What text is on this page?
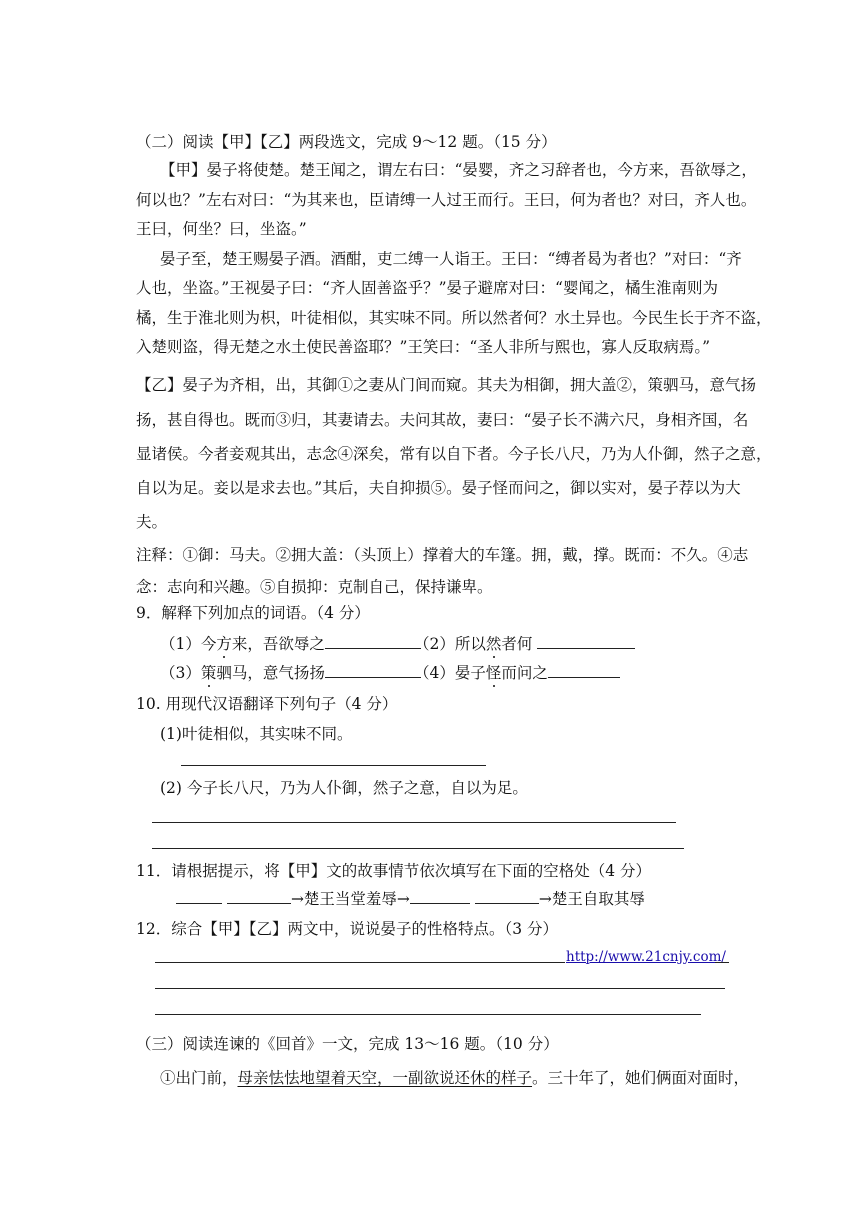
（二）阅读【甲】【乙】两段选文，完成 9～12 题。（15 分）
【甲】晏子将使楚。楚王闻之，谓左右曰：“晏婴，齐之习辞者也，今方来，吾欲辱之，
何以也？”左右对曰：“为其来也，臣请缚一人过王而行。王曰，何为者也？对曰，齐人也。
王曰，何坐？曰，坐盗。”
晏子至，楚王赐晏子酒。酒酣，吏二缚一人诣王。王曰：“缚者曷为者也？”对曰：“齐
人也，坐盗。”王视晏子曰：“齐人固善盗乎？”晏子避席对曰：“婴闻之，橘生淮南则为
橘，生于淮北则为枳，叶徒相似，其实味不同。所以然者何？水土异也。今民生长于齐不盗，
入楚则盗，得无楚之水土使民善盗耶？”王笑曰：“圣人非所与熙也，寡人反取病焉。”
【乙】晏子为齐相，出，其御①之妻从门间而窥。其夫为相御，拥大盖②，策驷马，意气扬
扬，甚自得也。既而③归，其妻请去。夫问其故，妻曰：“晏子长不满六尺，身相齐国，名
显诸侯。今者妾观其出，志念④深矣，常有以自下者。今子长八尺，乃为人仆御，然子之意，
自以为足。妾以是求去也。”其后，夫自抑损⑤。晏子怪而问之，御以实对，晏子荐以为大
夫。
注释：①御：马夫。②拥大盖：（头顶上）撑着大的车篷。拥，戴，撑。既而：不久。④志
念：志向和兴趣。⑤自损抑：克制自己，保持谦卑。
9．解释下列加点的词语。（4 分）
（1）今方来，吾欲辱之	（2）所以然者何
（3）策驷马，意气扬扬	（4）晏子怪而问之
10. 用现代汉语翻译下列句子（4 分）
(1)叶徒相似，其实味不同。
(2) 今子长八尺，乃为人仆御，然子之意，自以为足。
11．请根据提示，将【甲】文的故事情节依次填写在下面的空格处（4 分）
→楚王当堂羞辱→	→楚王自取其辱
12．综合【甲】【乙】两文中，说说晏子的性格特点。（3 分）
http://www.21cnjy.com/
（三）阅读连谏的《回首》一文，完成 13～16 题。（10 分）
①出门前，母亲怯怯地望着天空，一副欲说还休的样子。三十年了，她们俩面对面时，
